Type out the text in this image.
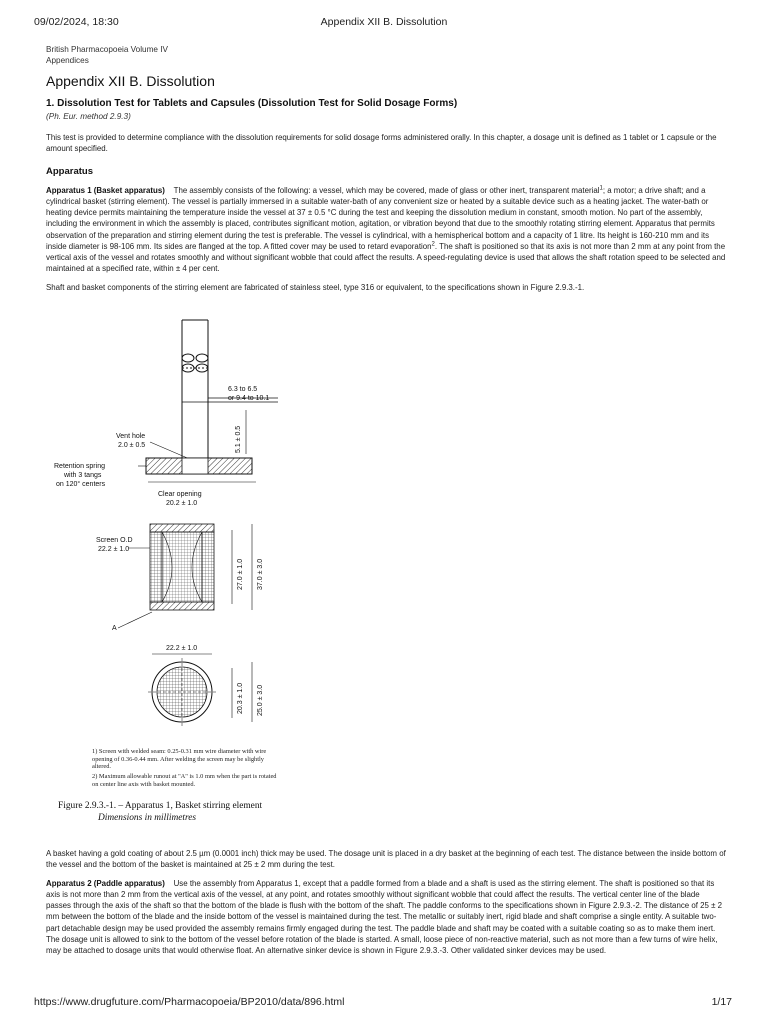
09/02/2024, 18:30	Appendix XII B. Dissolution
British Pharmacopoeia Volume IV
Appendices
Appendix XII B. Dissolution
1. Dissolution Test for Tablets and Capsules (Dissolution Test for Solid Dosage Forms)
(Ph. Eur. method 2.9.3)

This test is provided to determine compliance with the dissolution requirements for solid dosage forms administered orally. In this chapter, a dosage unit is defined as 1 tablet or 1 capsule or the amount specified.

Apparatus

Apparatus 1 (Basket apparatus) The assembly consists of the following: a vessel, which may be covered, made of glass or other inert, transparent material$^1$; a motor; a drive shaft; and a cylindrical basket (stirring element). The vessel is partially immersed in a suitable water-bath of any convenient size or heated by a suitable device such as a heating jacket. The water-bath or heating device permits maintaining the temperature inside the vessel at 37 ± 0.5 °C during the test and keeping the dissolution medium in constant, smooth motion. No part of the assembly, including the environment in which the assembly is placed, contributes significant motion, agitation, or vibration beyond that due to the smoothly rotating stirring element. Apparatus that permits observation of the preparation and stirring element during the test is preferable. The vessel is cylindrical, with a hemispherical bottom and a capacity of 1 litre. Its height is 160-210 mm and its inside diameter is 98-106 mm. Its sides are flanged at the top. A fitted cover may be used to retard evaporation$^2$. The shaft is positioned so that its axis is not more than 2 mm at any point from the vertical axis of the vessel and rotates smoothly and without significant wobble that could affect the results. A speed-regulating device is used that allows the shaft rotation speed to be selected and maintained at a specified rate, within ± 4 per cent.

Shaft and basket components of the stirring element are fabricated of stainless steel, type 316 or equivalent, to the specifications shown in Figure 2.9.3.-1.

6.3 to 6.5
or 9.4 to 10.1
5.1 ± 0.5
Vent hole
2.0 ± 0.5
Retention spring
with 3 tangs
on 120° centers
Clear opening
20.2 ± 1.0
Screen O.D
22.2 ± 1.0
27.0 ± 1.0 37.0 ± 3.0
A
22.2 ± 1.0
20.3 ± 1.0 25.0 ± 3.0
1) Screen with welded seam: 0.25-0.31 mm wire diameter with wire opening of 0.36-0.44 mm. After welding the screen may be slightly altered.
2) Maximum allowable runout at "A" is 1.0 mm when the part is rotated on center line axis with basket mounted.
Figure 2.9.3.-1. – Apparatus 1, Basket stirring element
Dimensions in millimetres

A basket having a gold coating of about 2.5 µm (0.0001 inch) thick may be used. The dosage unit is placed in a dry basket at the beginning of each test. The distance between the inside bottom of the vessel and the bottom of the basket is maintained at 25 ± 2 mm during the test.

Apparatus 2 (Paddle apparatus) Use the assembly from Apparatus 1, except that a paddle formed from a blade and a shaft is used as the stirring element. The shaft is positioned so that its axis is not more than 2 mm from the vertical axis of the vessel, at any point, and rotates smoothly without significant wobble that could affect the results. The vertical center line of the blade passes through the axis of the shaft so that the bottom of the blade is flush with the bottom of the shaft. The paddle conforms to the specifications shown in Figure 2.9.3.-2. The distance of 25 ± 2 mm between the bottom of the blade and the inside bottom of the vessel is maintained during the test. The metallic or suitably inert, rigid blade and shaft comprise a single entity. A suitable two-part detachable design may be used provided the assembly remains firmly engaged during the test. The paddle blade and shaft may be coated with a suitable coating so as to make them inert. The dosage unit is allowed to sink to the bottom of the vessel before rotation of the blade is started. A small, loose piece of non-reactive material, such as not more than a few turns of wire helix, may be attached to dosage units that would otherwise float. An alternative sinker device is shown in Figure 2.9.3.-3. Other validated sinker devices may be used.

https://www.drugfuture.com/Pharmacopoeia/BP2010/data/896.html	1/17
